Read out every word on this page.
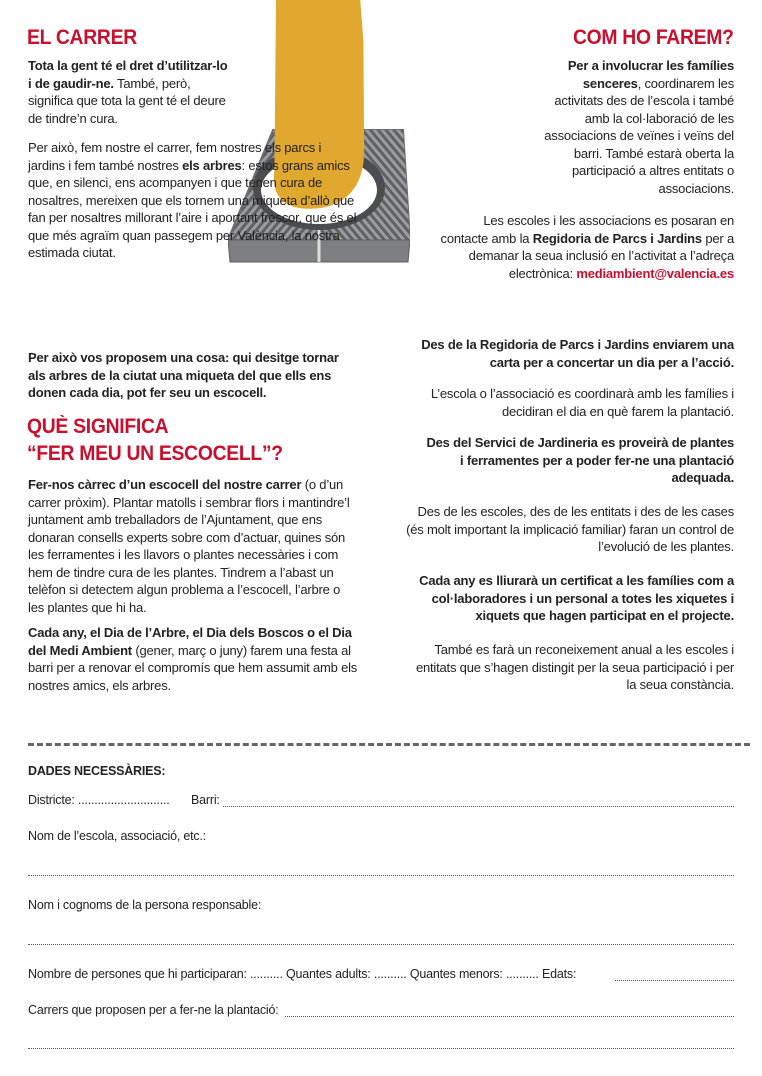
EL CARRER

Tota la gent té el dret d’utilitzar-lo i de gaudir-ne. També, però, significa que tota la gent té el deure de tindre’n cura.

Per això, fem nostre el carrer, fem nostres els parcs i jardins i fem també nostres els arbres: estos grans amics que, en silenci, ens acompanyen i que tenen cura de nosaltres, mereixen que els tornem una miqueta d’allò que fan per nosaltres millorant l’aire i aportant frescor, que és el que més agraïm quan passegem per València, la nostra estimada ciutat.

Per això vos proposem una cosa: qui desitge tornar als arbres de la ciutat una miqueta del que ells ens donen cada dia, pot fer seu un escocell.

QUÈ SIGNIFICA
“FER MEU UN ESCOCELL”?

Fer-nos càrrec d’un escocell del nostre carrer (o d’un carrer pròxim). Plantar matolls i sembrar flors i mantindre’l juntament amb treballadors de l’Ajuntament, que ens donaran consells experts sobre com d’actuar, quines són les ferramentes i les llavors o plantes necessàries i com hem de tindre cura de les plantes. Tindrem a l’abast un telèfon si detectem algun problema a l’escocell, l’arbre o les plantes que hi ha.

Cada any, el Dia de l’Arbre, el Dia dels Boscos o el Dia del Medi Ambient (gener, març o juny) farem una festa al barri per a renovar el compromís que hem assumit amb els nostres amics, els arbres.

COM HO FAREM?

Per a involucrar les famílies senceres, coordinarem les activitats des de l’escola i també amb la col·laboració de les associacions de veïnes i veïns del barri. També estarà oberta la participació a altres entitats o associacions.

Les escoles i les associacions es posaran en contacte amb la Regidoria de Parcs i Jardins per a demanar la seua inclusió en l’activitat a l’adreça electrònica: mediambient@valencia.es

Des de la Regidoria de Parcs i Jardins enviarem una carta per a concertar un dia per a l’acció.

L’escola o l’associació es coordinarà amb les famílies i decidiran el dia en què farem la plantació.

Des del Servici de Jardineria es proveirà de plantes i ferramentes per a poder fer-ne una plantació adequada.

Des de les escoles, des de les entitats i des de les cases (és molt important la implicació familiar) faran un control de l’evolució de les plantes.

Cada any es lliurarà un certificat a les famílies com a col·laboradores i un personal a totes les xiquetes i xiquets que hagen participat en el projecte.

També es farà un reconeixement anual a les escoles i entitats que s’hagen distingit per la seua participació i per la seua constància.

DADES NECESSÀRIES:
Districte: ............................ Barri:
Nom de l’escola, associació, etc.:
Nom i cognoms de la persona responsable:
Nombre de persones que hi participaran: .......... Quantes adults: .......... Quantes menors: .......... Edats:
Carrers que proposen per a fer-ne la plantació:
